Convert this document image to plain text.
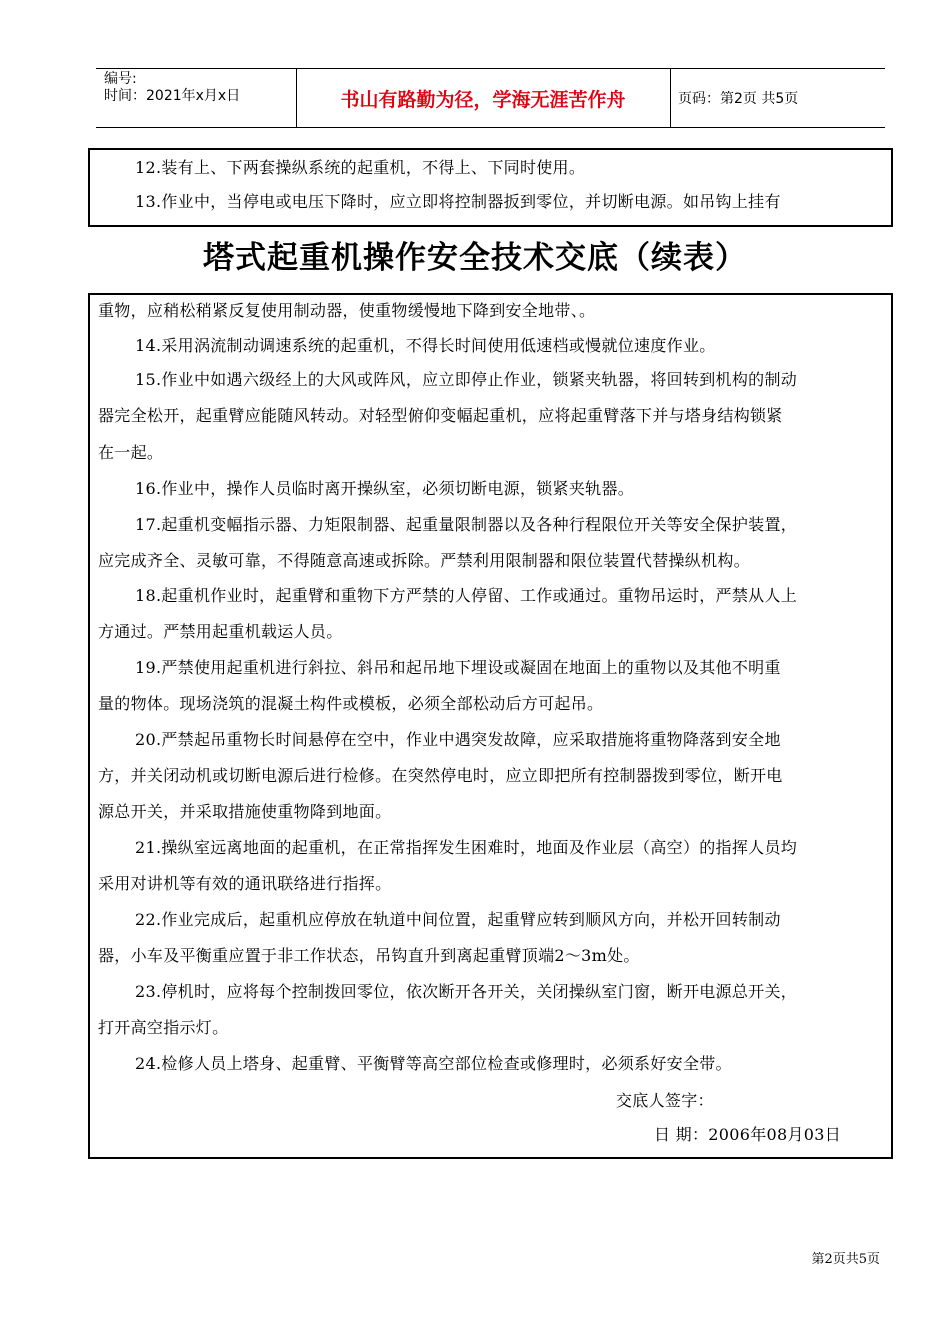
编号:
时间：2021年x月x日	书山有路勤为径，学海无涯苦作舟	页码：第2页 共5页
12.装有上、下两套操纵系统的起重机，不得上、下同时使用。
13.作业中，当停电或电压下降时，应立即将控制器扳到零位，并切断电源。如吊钩上挂有
塔式起重机操作安全技术交底（续表）
重物，应稍松稍紧反复使用制动器，使重物缓慢地下降到安全地带、。
14.采用涡流制动调速系统的起重机，不得长时间使用低速档或慢就位速度作业。
15.作业中如遇六级经上的大风或阵风，应立即停止作业，锁紧夹轨器，将回转到机构的制动
器完全松开，起重臂应能随风转动。对轻型俯仰变幅起重机，应将起重臂落下并与塔身结构锁紧
在一起。
16.作业中，操作人员临时离开操纵室，必须切断电源，锁紧夹轨器。
17.起重机变幅指示器、力矩限制器、起重量限制器以及各种行程限位开关等安全保护装置，
应完成齐全、灵敏可靠，不得随意高速或拆除。严禁利用限制器和限位装置代替操纵机构。
18.起重机作业时，起重臂和重物下方严禁的人停留、工作或通过。重物吊运时，严禁从人上
方通过。严禁用起重机载运人员。
19.严禁使用起重机进行斜拉、斜吊和起吊地下埋设或凝固在地面上的重物以及其他不明重
量的物体。现场浇筑的混凝土构件或模板，必须全部松动后方可起吊。
20.严禁起吊重物长时间悬停在空中，作业中遇突发故障，应采取措施将重物降落到安全地
方，并关闭动机或切断电源后进行检修。在突然停电时，应立即把所有控制器拨到零位，断开电
源总开关，并采取措施使重物降到地面。
21.操纵室远离地面的起重机，在正常指挥发生困难时，地面及作业层（高空）的指挥人员均
采用对讲机等有效的通讯联络进行指挥。
22.作业完成后，起重机应停放在轨道中间位置，起重臂应转到顺风方向，并松开回转制动
器，小车及平衡重应置于非工作状态，吊钩直升到离起重臂顶端2～3m处。
23.停机时，应将每个控制拨回零位，依次断开各开关，关闭操纵室门窗，断开电源总开关，
打开高空指示灯。
24.检修人员上塔身、起重臂、平衡臂等高空部位检查或修理时，必须系好安全带。
交底人签字：
日 期：2006年08月03日
第2页共5页
